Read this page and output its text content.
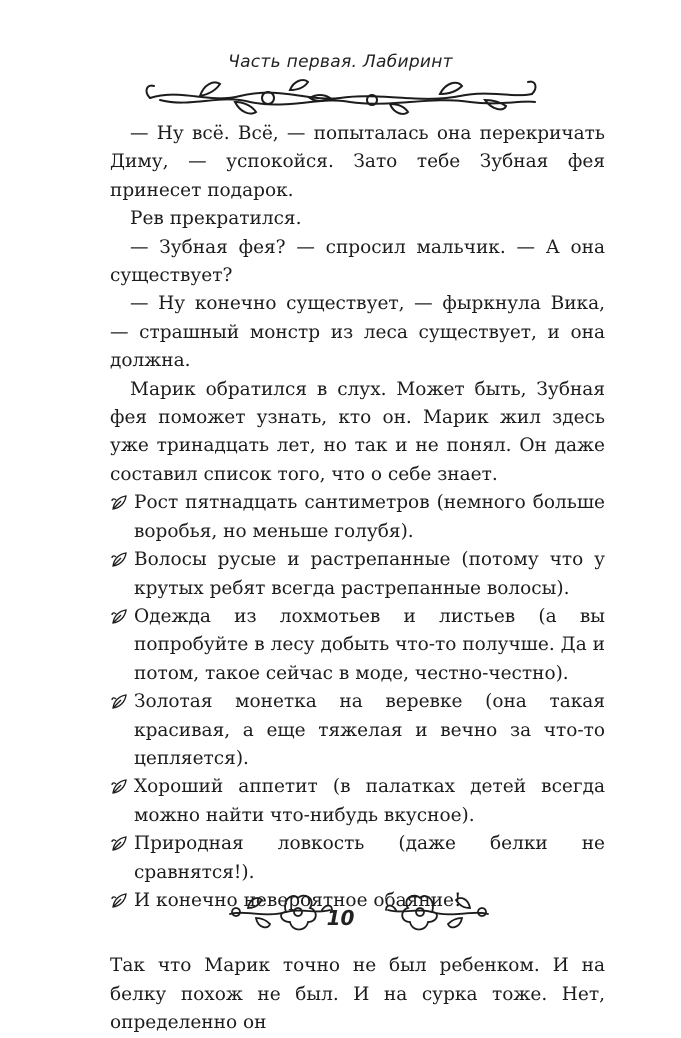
Часть первая. Лабиринт

— Ну всё. Всё, — попыталась она перекричать Диму, — успокойся. Зато тебе Зубная фея принесет подарок.

Рев прекратился.

— Зубная фея? — спросил мальчик. — А она существует?

— Ну конечно существует, — фыркнула Вика, — страшный монстр из леса существует, и она должна.

Марик обратился в слух. Может быть, Зубная фея поможет узнать, кто он. Марик жил здесь уже тринадцать лет, но так и не понял. Он даже составил список того, что о себе знает.

Рост пятнадцать сантиметров (немного больше воробья, но меньше голубя).
Волосы русые и растрепанные (потому что у крутых ребят всегда растрепанные волосы).
Одежда из лохмотьев и листьев (а вы попробуйте в лесу добыть что-то получше. Да и потом, такое сейчас в моде, честно-честно).
Золотая монетка на веревке (она такая красивая, а еще тяжелая и вечно за что-то цепляется).
Хороший аппетит (в палатках детей всегда можно найти что-нибудь вкусное).
Природная ловкость (даже белки не сравнятся!).
И конечно невероятное обаяние!

Так что Марик точно не был ребенком. И на белку похож не был. И на сурка тоже. Нет, определенно он

10
